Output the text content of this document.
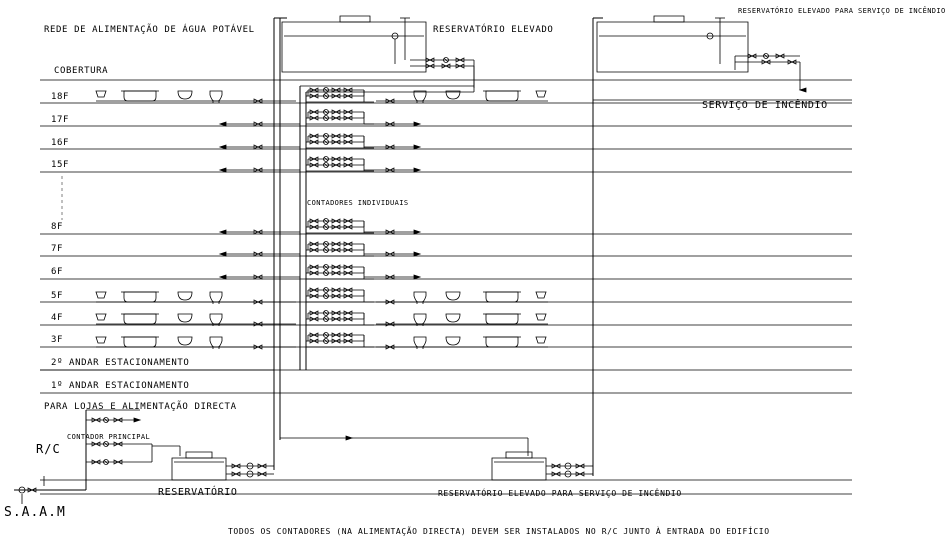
REDE DE ALIMENTAÇÃO DE ÁGUA POTÁVEL	RESERVATÓRIO ELEVADO
RESERVATÓRIO ELEVADO PARA SERVIÇO DE INCÊNDIO
SERVIÇO DE INCÊNDIO
CONTADORES INDIVIDUAIS
COBERTURA
18F
17F
16F
15F
8F
7F
6F
5F
4F
3F
2º ANDAR ESTACIONAMENTO
1º ANDAR ESTACIONAMENTO
PARA LOJAS E ALIMENTAÇÃO DIRECTA
CONTADOR PRINCIPAL
R/C
RESERVATÓRIO	RESERVATÓRIO ELEVADO PARA SERVIÇO DE INCÊNDIO
S.A.A.M
TODOS OS CONTADORES (NA ALIMENTAÇÃO DIRECTA) DEVEM SER INSTALADOS NO R/C JUNTO À ENTRADA DO EDIFÍCIO
